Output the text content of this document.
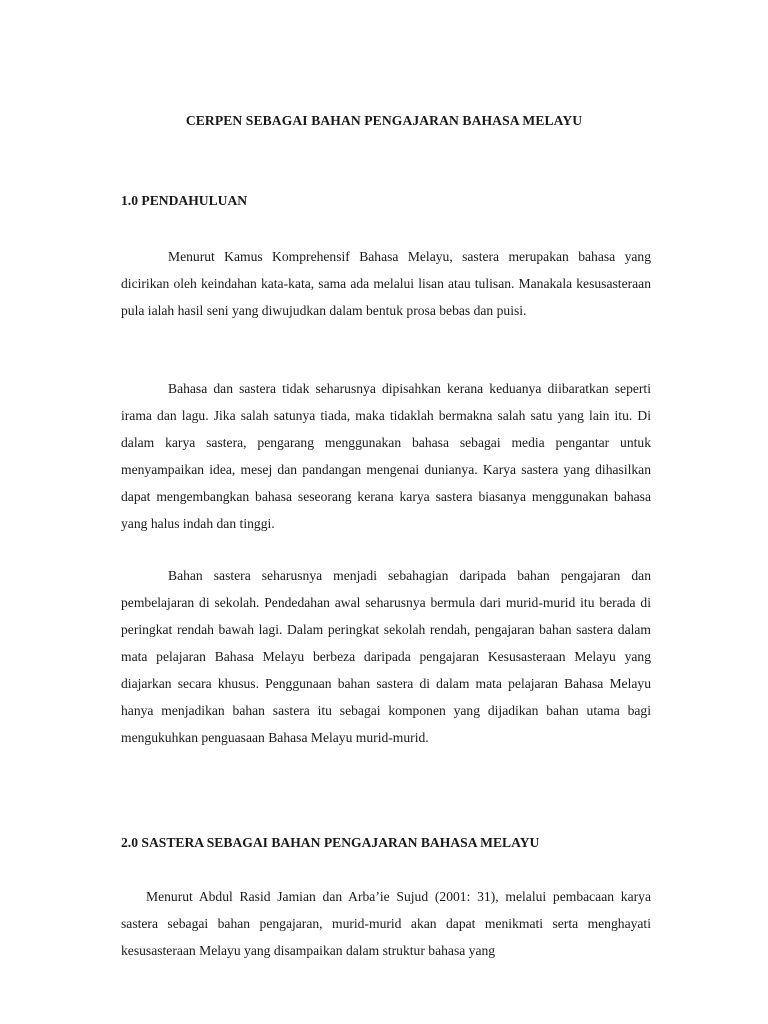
CERPEN SEBAGAI BAHAN PENGAJARAN BAHASA MELAYU
1.0 PENDAHULUAN

Menurut Kamus Komprehensif Bahasa Melayu, sastera merupakan bahasa yang dicirikan oleh keindahan kata-kata, sama ada melalui lisan atau tulisan. Manakala kesusasteraan pula ialah hasil seni yang diwujudkan dalam bentuk prosa bebas dan puisi.

Bahasa dan sastera tidak seharusnya dipisahkan kerana keduanya diibaratkan seperti irama dan lagu. Jika salah satunya tiada, maka tidaklah bermakna salah satu yang lain itu. Di dalam karya sastera, pengarang menggunakan bahasa sebagai media pengantar untuk menyampaikan idea, mesej dan pandangan mengenai dunianya. Karya sastera yang dihasilkan dapat mengembangkan bahasa seseorang kerana karya sastera biasanya menggunakan bahasa yang halus indah dan tinggi.

Bahan sastera seharusnya menjadi sebahagian daripada bahan pengajaran dan pembelajaran di sekolah. Pendedahan awal seharusnya bermula dari murid-murid itu berada di peringkat rendah bawah lagi. Dalam peringkat sekolah rendah, pengajaran bahan sastera dalam mata pelajaran Bahasa Melayu berbeza daripada pengajaran Kesusasteraan Melayu yang diajarkan secara khusus. Penggunaan bahan sastera di dalam mata pelajaran Bahasa Melayu hanya menjadikan bahan sastera itu sebagai komponen yang dijadikan bahan utama bagi mengukuhkan penguasaan Bahasa Melayu murid-murid.

2.0 SASTERA SEBAGAI BAHAN PENGAJARAN BAHASA MELAYU

Menurut Abdul Rasid Jamian dan Arba’ie Sujud (2001: 31), melalui pembacaan karya sastera sebagai bahan pengajaran, murid-murid akan dapat menikmati serta menghayati kesusasteraan Melayu yang disampaikan dalam struktur bahasa yang
